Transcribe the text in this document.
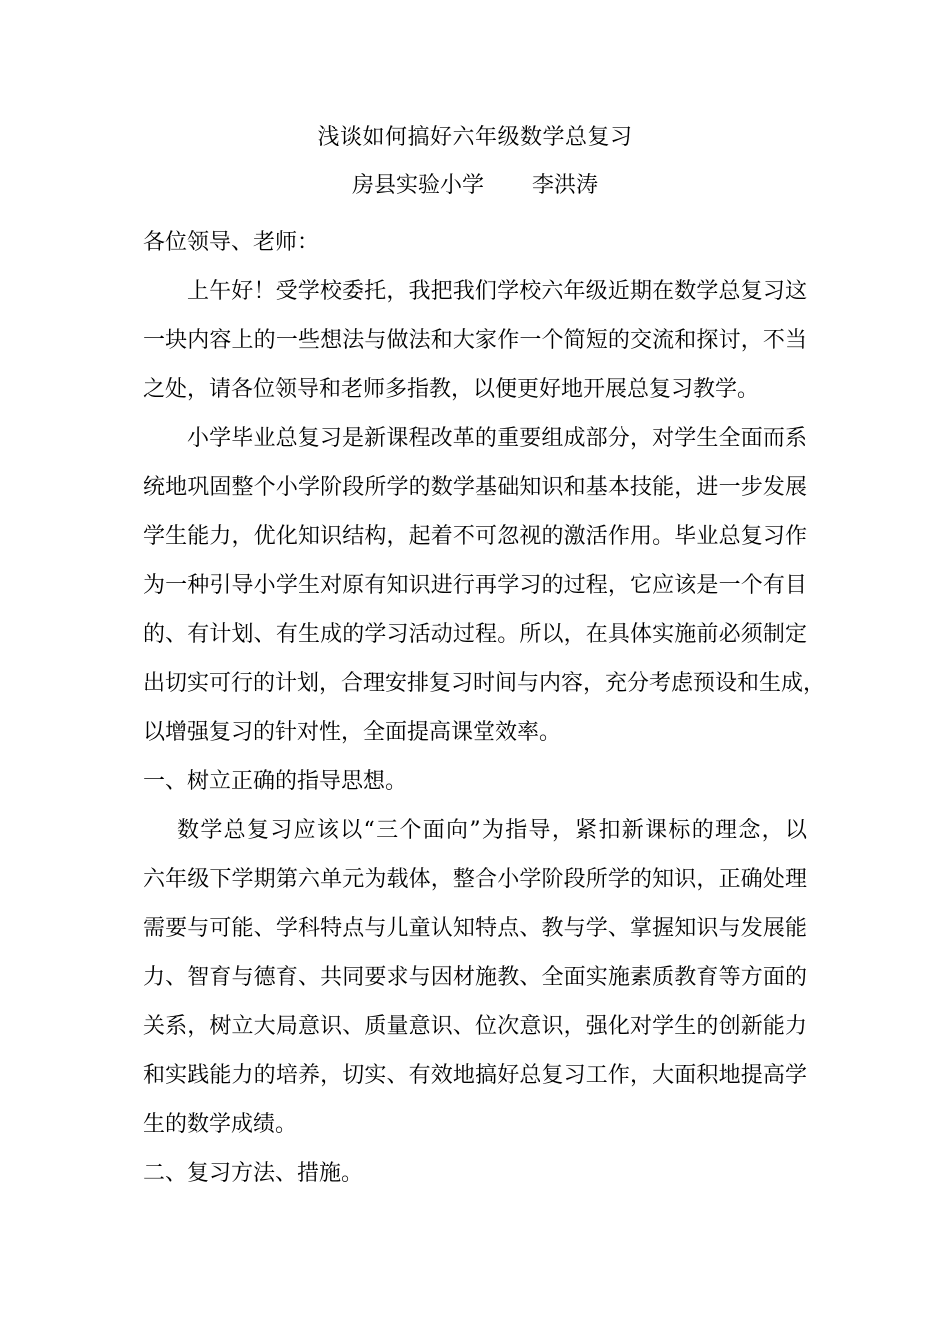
浅谈如何搞好六年级数学总复习
房县实验小学 李洪涛

各位领导、老师：

上午好！受学校委托，我把我们学校六年级近期在数学总复习这
一块内容上的一些想法与做法和大家作一个简短的交流和探讨，不当
之处，请各位领导和老师多指教，以便更好地开展总复习教学。

小学毕业总复习是新课程改革的重要组成部分，对学生全面而系
统地巩固整个小学阶段所学的数学基础知识和基本技能，进一步发展
学生能力，优化知识结构，起着不可忽视的激活作用。毕业总复习作
为一种引导小学生对原有知识进行再学习的过程，它应该是一个有目
的、有计划、有生成的学习活动过程。所以，在具体实施前必须制定
出切实可行的计划，合理安排复习时间与内容，充分考虑预设和生成，
以增强复习的针对性，全面提高课堂效率。

一、树立正确的指导思想。

数学总复习应该以“三个面向”为指导，紧扣新课标的理念，以
六年级下学期第六单元为载体，整合小学阶段所学的知识，正确处理
需要与可能、学科特点与儿童认知特点、教与学、掌握知识与发展能
力、智育与德育、共同要求与因材施教、全面实施素质教育等方面的
关系，树立大局意识、质量意识、位次意识，强化对学生的创新能力
和实践能力的培养，切实、有效地搞好总复习工作，大面积地提高学
生的数学成绩。

二、复习方法、措施。
